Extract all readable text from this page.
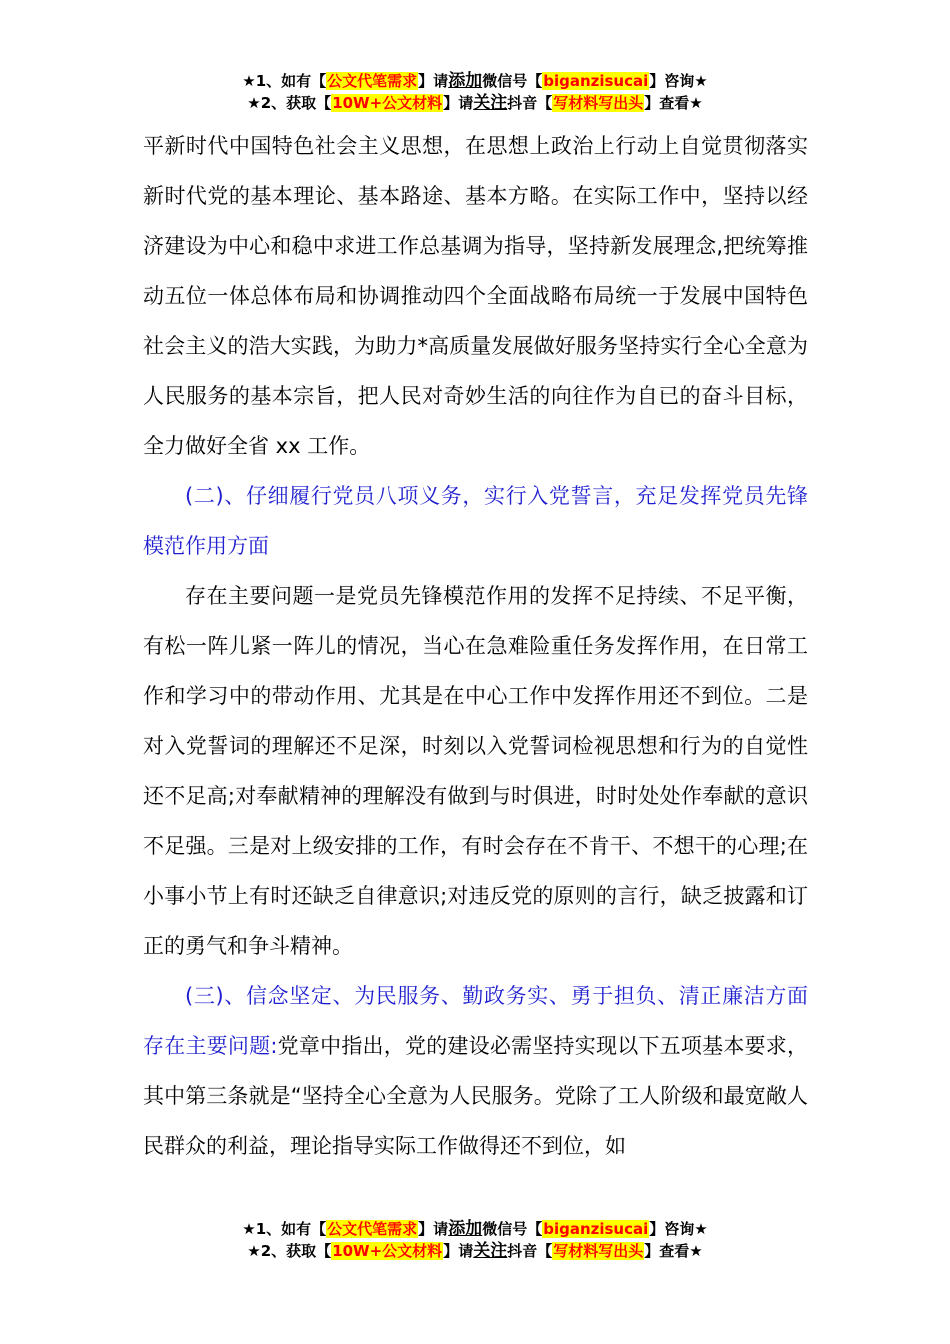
★1、如有【公文代笔需求】请添加微信号【biganzisucai】咨询★
★2、获取【10W+公文材料】请关注抖音【写材料写出头】查看★

平新时代中国特色社会主义思想，在思想上政治上行动上自觉贯彻落实新时代党的基本理论、基本路途、基本方略。在实际工作中，坚持以经济建设为中心和稳中求进工作总基调为指导，坚持新发展理念,把统筹推动五位一体总体布局和协调推动四个全面战略布局统一于发展中国特色社会主义的浩大实践，为助力*高质量发展做好服务坚持实行全心全意为人民服务的基本宗旨，把人民对奇妙生活的向往作为自已的奋斗目标，全力做好全省 xx 工作。

(二)、仔细履行党员八项义务，实行入党誓言，充足发挥党员先锋模范作用方面

存在主要问题一是党员先锋模范作用的发挥不足持续、不足平衡，有松一阵儿紧一阵儿的情况，当心在急难险重任务发挥作用，在日常工作和学习中的带动作用、尤其是在中心工作中发挥作用还不到位。二是对入党誓词的理解还不足深，时刻以入党誓词检视思想和行为的自觉性还不足高;对奉献精神的理解没有做到与时俱进，时时处处作奉献的意识不足强。三是对上级安排的工作，有时会存在不肯干、不想干的心理;在小事小节上有时还缺乏自律意识;对违反党的原则的言行，缺乏披露和订正的勇气和争斗精神。

(三)、信念坚定、为民服务、勤政务实、勇于担负、清正廉洁方面存在主要问题:党章中指出，党的建设必需坚持实现以下五项基本要求，其中第三条就是“坚持全心全意为人民服务。党除了工人阶级和最宽敞人民群众的利益，理论指导实际工作做得还不到位，如

★1、如有【公文代笔需求】请添加微信号【biganzisucai】咨询★
★2、获取【10W+公文材料】请关注抖音【写材料写出头】查看★
